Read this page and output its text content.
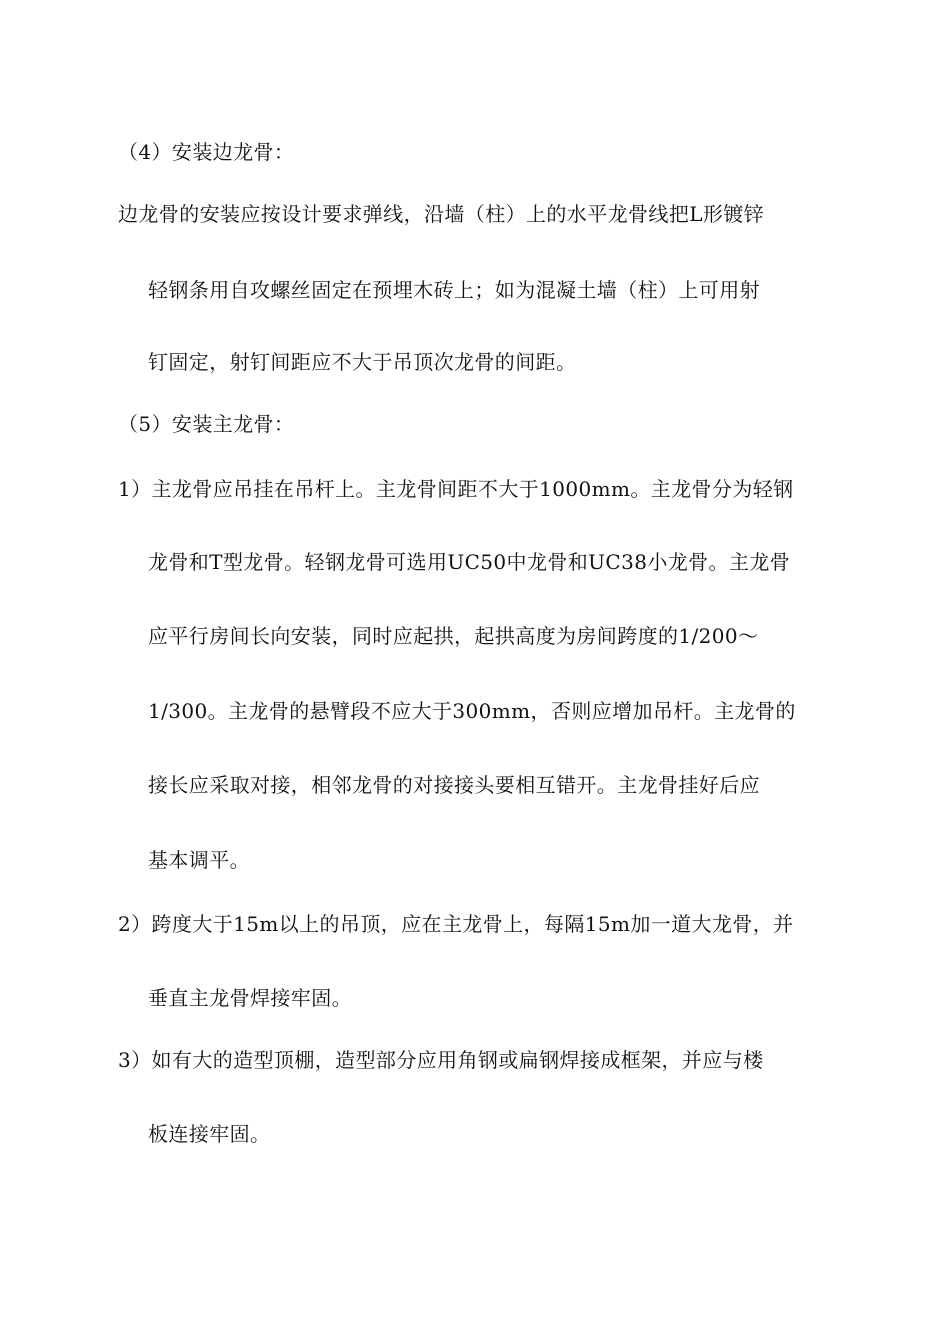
（4）安装边龙骨：
边龙骨的安装应按设计要求弹线，沿墙（柱）上的水平龙骨线把L形镀锌
轻钢条用自攻螺丝固定在预埋木砖上；如为混凝土墙（柱）上可用射
钉固定，射钉间距应不大于吊顶次龙骨的间距。
（5）安装主龙骨：
1）主龙骨应吊挂在吊杆上。主龙骨间距不大于1000mm。主龙骨分为轻钢
龙骨和T型龙骨。轻钢龙骨可选用UC50中龙骨和UC38小龙骨。主龙骨
应平行房间长向安装，同时应起拱，起拱高度为房间跨度的1/200～
1/300。主龙骨的悬臂段不应大于300mm，否则应增加吊杆。主龙骨的
接长应采取对接，相邻龙骨的对接接头要相互错开。主龙骨挂好后应
基本调平。
2）跨度大于15m以上的吊顶，应在主龙骨上，每隔15m加一道大龙骨，并
垂直主龙骨焊接牢固。
3）如有大的造型顶棚，造型部分应用角钢或扁钢焊接成框架，并应与楼
板连接牢固。
